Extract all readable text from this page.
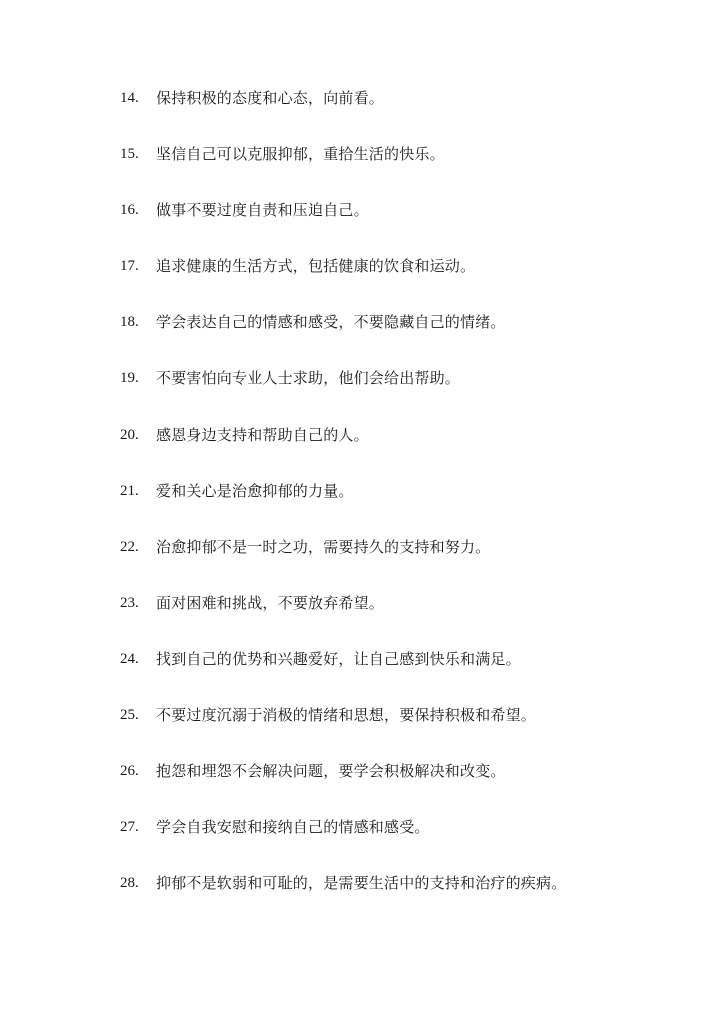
14.	保持积极的态度和心态，向前看。
15.	坚信自己可以克服抑郁，重拾生活的快乐。
16.	做事不要过度自责和压迫自己。
17.	追求健康的生活方式，包括健康的饮食和运动。
18.	学会表达自己的情感和感受，不要隐藏自己的情绪。
19.	不要害怕向专业人士求助，他们会给出帮助。
20.	感恩身边支持和帮助自己的人。
21.	爱和关心是治愈抑郁的力量。
22.	治愈抑郁不是一时之功，需要持久的支持和努力。
23.	面对困难和挑战，不要放弃希望。
24.	找到自己的优势和兴趣爱好，让自己感到快乐和满足。
25.	不要过度沉溺于消极的情绪和思想，要保持积极和希望。
26.	抱怨和埋怨不会解决问题，要学会积极解决和改变。
27.	学会自我安慰和接纳自己的情感和感受。
28.	抑郁不是软弱和可耻的，是需要生活中的支持和治疗的疾病。
